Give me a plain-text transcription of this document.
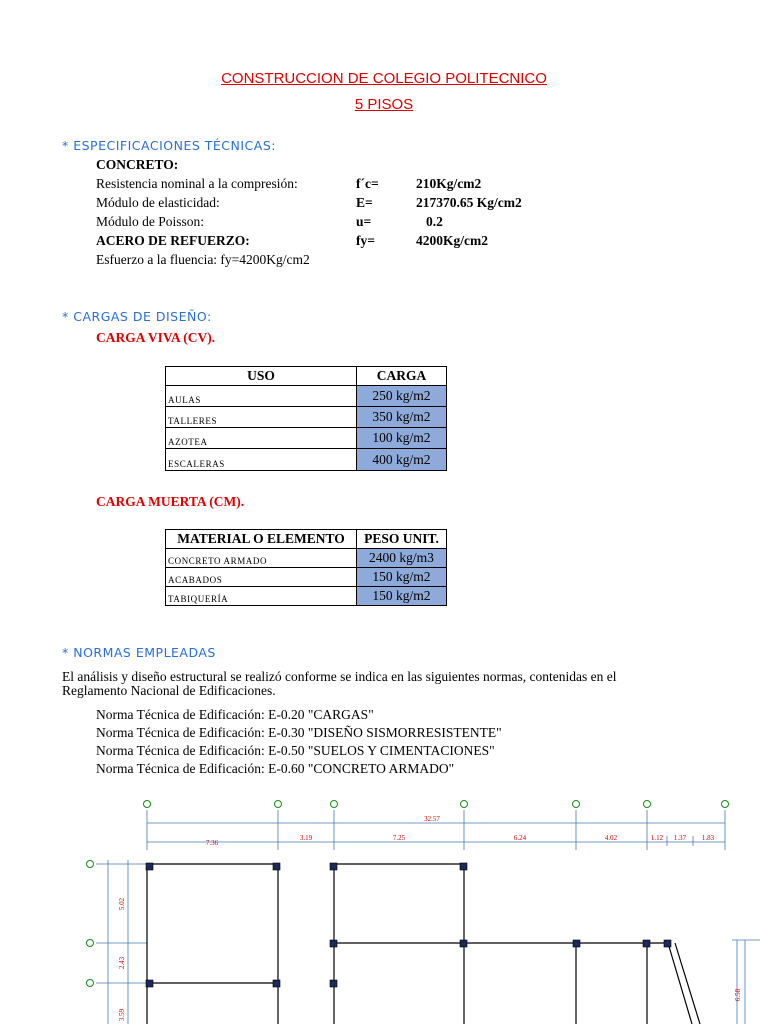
CONSTRUCCION DE COLEGIO POLITECNICO
5 PISOS
* ESPECIFICACIONES TÉCNICAS:
CONCRETO:
Resistencia nominal a la compresión:	f´c=	210Kg/cm2
Módulo de elasticidad:	E=	217370.65 Kg/cm2
Módulo de Poisson:	u=	0.2
ACERO DE REFUERZO:	fy=	4200Kg/cm2
Esfuerzo a la fluencia: fy=4200Kg/cm2
* CARGAS DE DISEÑO:
CARGA VIVA (CV).
USO	CARGA
AULAS	250 kg/m2
TALLERES	350 kg/m2
AZOTEA	100 kg/m2
ESCALERAS	400 kg/m2
CARGA MUERTA (CM).
MATERIAL O ELEMENTO	PESO UNIT.
CONCRETO ARMADO	2400 kg/m3
ACABADOS	150 kg/m2
TABIQUERÍA	150 kg/m2
* NORMAS EMPLEADAS
El análisis y diseño estructural se realizó conforme se indica en las siguientes normas, contenidas en el
Reglamento Nacional de Edificaciones.
Norma Técnica de Edificación: E-0.20 "CARGAS"
Norma Técnica de Edificación: E-0.30 "DISEÑO SISMORRESISTENTE"
Norma Técnica de Edificación: E-0.50 "SUELOS Y CIMENTACIONES"
Norma Técnica de Edificación: E-0.60 "CONCRETO ARMADO"
32.57
7.36
3.19	7.25	6.24	4.02	1.12 1.37 1.83
5.02
2.43
3.59
6.58
